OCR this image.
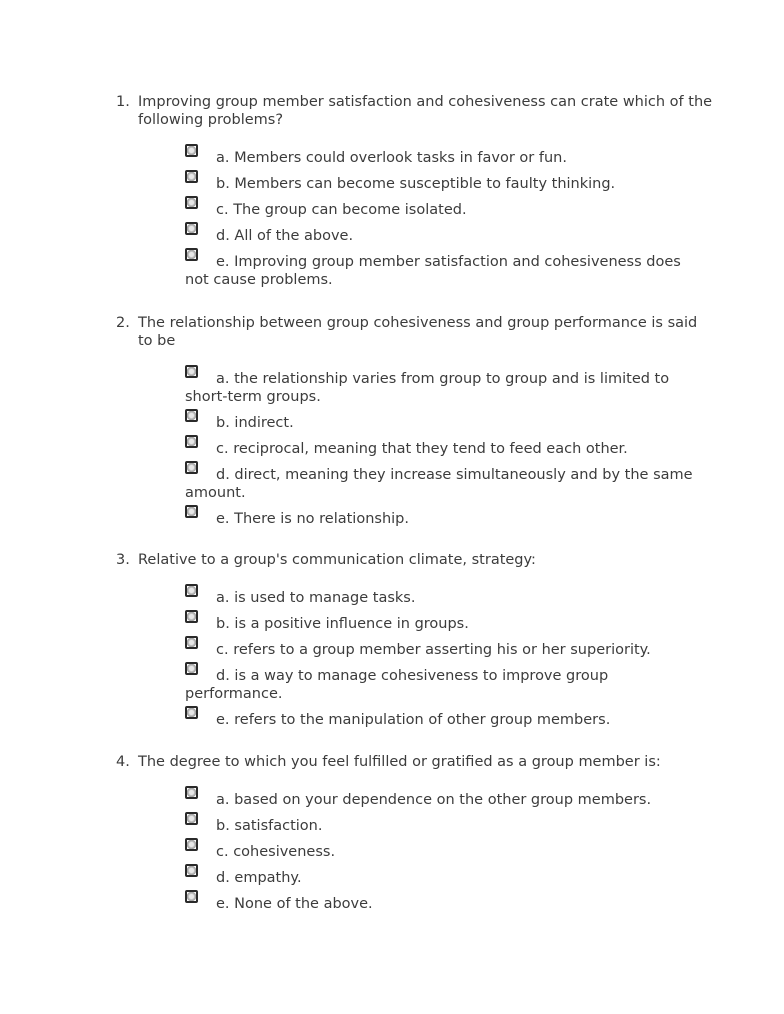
1. Improving group member satisfaction and cohesiveness can crate which of the following problems?

a. Members could overlook tasks in favor or fun.
b. Members can become susceptible to faulty thinking.
c. The group can become isolated.
d. All of the above.
e. Improving group member satisfaction and cohesiveness does not cause problems.

2. The relationship between group cohesiveness and group performance is said to be

a. the relationship varies from group to group and is limited to short-term groups.
b. indirect.
c. reciprocal, meaning that they tend to feed each other.
d. direct, meaning they increase simultaneously and by the same amount.
e. There is no relationship.

3. Relative to a group's communication climate, strategy:

a. is used to manage tasks.
b. is a positive influence in groups.
c. refers to a group member asserting his or her superiority.
d. is a way to manage cohesiveness to improve group performance.
e. refers to the manipulation of other group members.

4. The degree to which you feel fulfilled or gratified as a group member is:

a. based on your dependence on the other group members.
b. satisfaction.
c. cohesiveness.
d. empathy.
e. None of the above.
